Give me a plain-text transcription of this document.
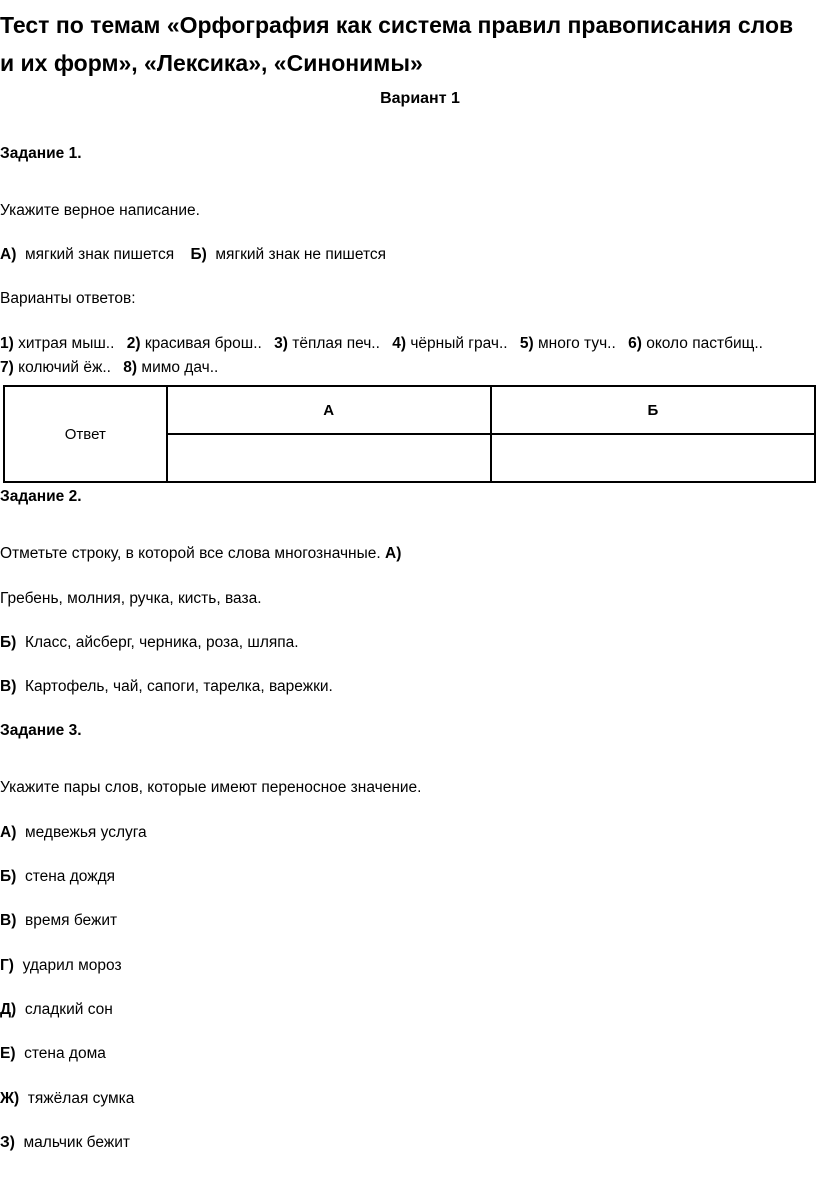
Тест по темам «Орфография как система правил правописания слов
и их форм», «Лексика», «Синонимы»
Вариант 1
Задание 1.
Укажите верное написание.
А) мягкий знак пишется Б) мягкий знак не пишется
Варианты ответов:
1) хитрая мыш.. 2) красивая брош.. 3) тёплая печ.. 4) чёрный грач.. 5) много туч.. 6) около пастбищ..
7) колючий ёж.. 8) мимо дач..
Ответ	А	Б

Задание 2.
Отметьте строку, в которой все слова многозначные. А)
Гребень, молния, ручка, кисть, ваза.
Б) Класс, айсберг, черника, роза, шляпа.
В) Картофель, чай, сапоги, тарелка, варежки.
Задание 3.
Укажите пары слов, которые имеют переносное значение.
А) медвежья услуга
Б) стена дождя
В) время бежит
Г) ударил мороз
Д) сладкий сон
Е) стена дома
Ж) тяжёлая сумка
З) мальчик бежит
